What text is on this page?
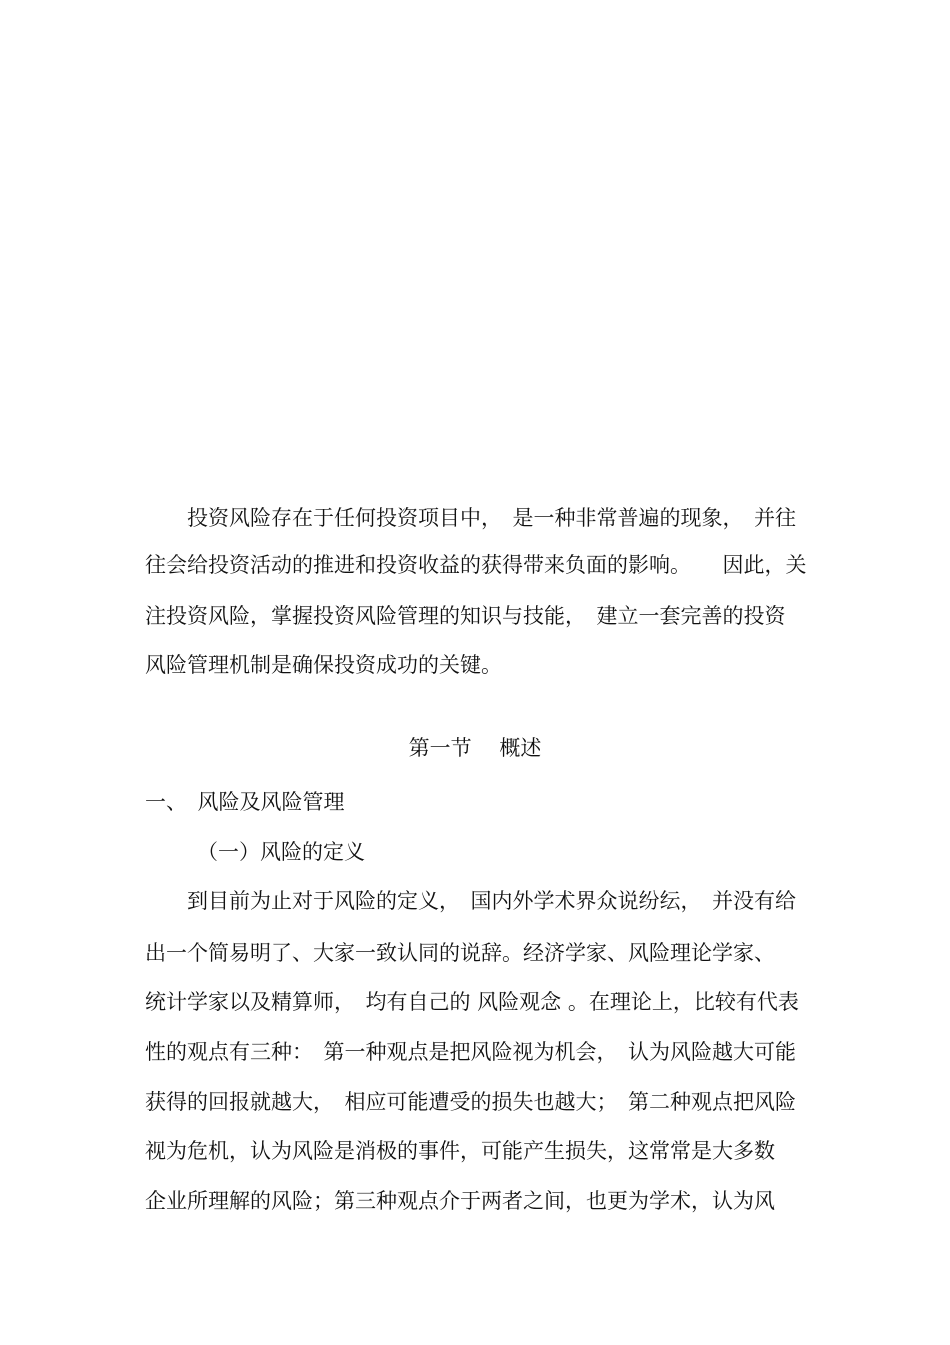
　　投资风险存在于任何投资项目中，　是一种非常普遍的现象，　并往
往会给投资活动的推进和投资收益的获得带来负面的影响。　　因此，关
注投资风险，掌握投资风险管理的知识与技能，　建立一套完善的投资
风险管理机制是确保投资成功的关键。
第一节　 概述
一、　风险及风险管理
（一）风险的定义
　　到目前为止对于风险的定义，　国内外学术界众说纷纭，　并没有给
出一个简易明了、大家一致认同的说辞。经济学家、风险理论学家、
统计学家以及精算师，　均有自己的 风险观念 。在理论上，比较有代表
性的观点有三种：　第一种观点是把风险视为机会，　认为风险越大可能
获得的回报就越大，　相应可能遭受的损失也越大；　第二种观点把风险
视为危机，认为风险是消极的事件，可能产生损失，这常常是大多数
企业所理解的风险；第三种观点介于两者之间，也更为学术，认为风
